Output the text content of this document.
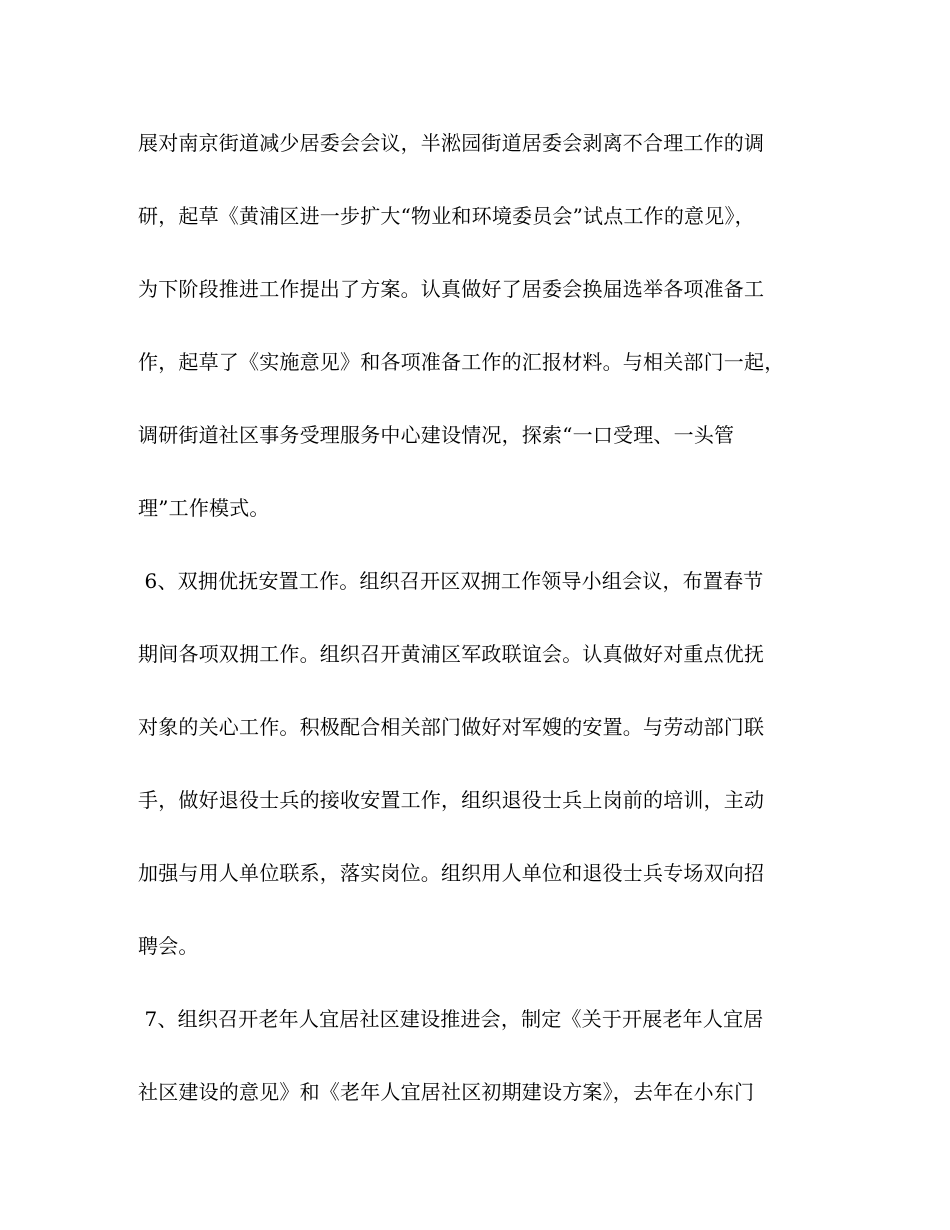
展对南京街道减少居委会会议，半淞园街道居委会剥离不合理工作的调

研，起草《黄浦区进一步扩大“物业和环境委员会”试点工作的意见》，

为下阶段推进工作提出了方案。认真做好了居委会换届选举各项准备工

作，起草了《实施意见》和各项准备工作的汇报材料。与相关部门一起，

调研街道社区事务受理服务中心建设情况，探索“一口受理、一头管

理”工作模式。

6、双拥优抚安置工作。组织召开区双拥工作领导小组会议，布置春节

期间各项双拥工作。组织召开黄浦区军政联谊会。认真做好对重点优抚

对象的关心工作。积极配合相关部门做好对军嫂的安置。与劳动部门联

手，做好退役士兵的接收安置工作，组织退役士兵上岗前的培训，主动

加强与用人单位联系，落实岗位。组织用人单位和退役士兵专场双向招

聘会。

7、组织召开老年人宜居社区建设推进会，制定《关于开展老年人宜居

社区建设的意见》和《老年人宜居社区初期建设方案》，去年在小东门
